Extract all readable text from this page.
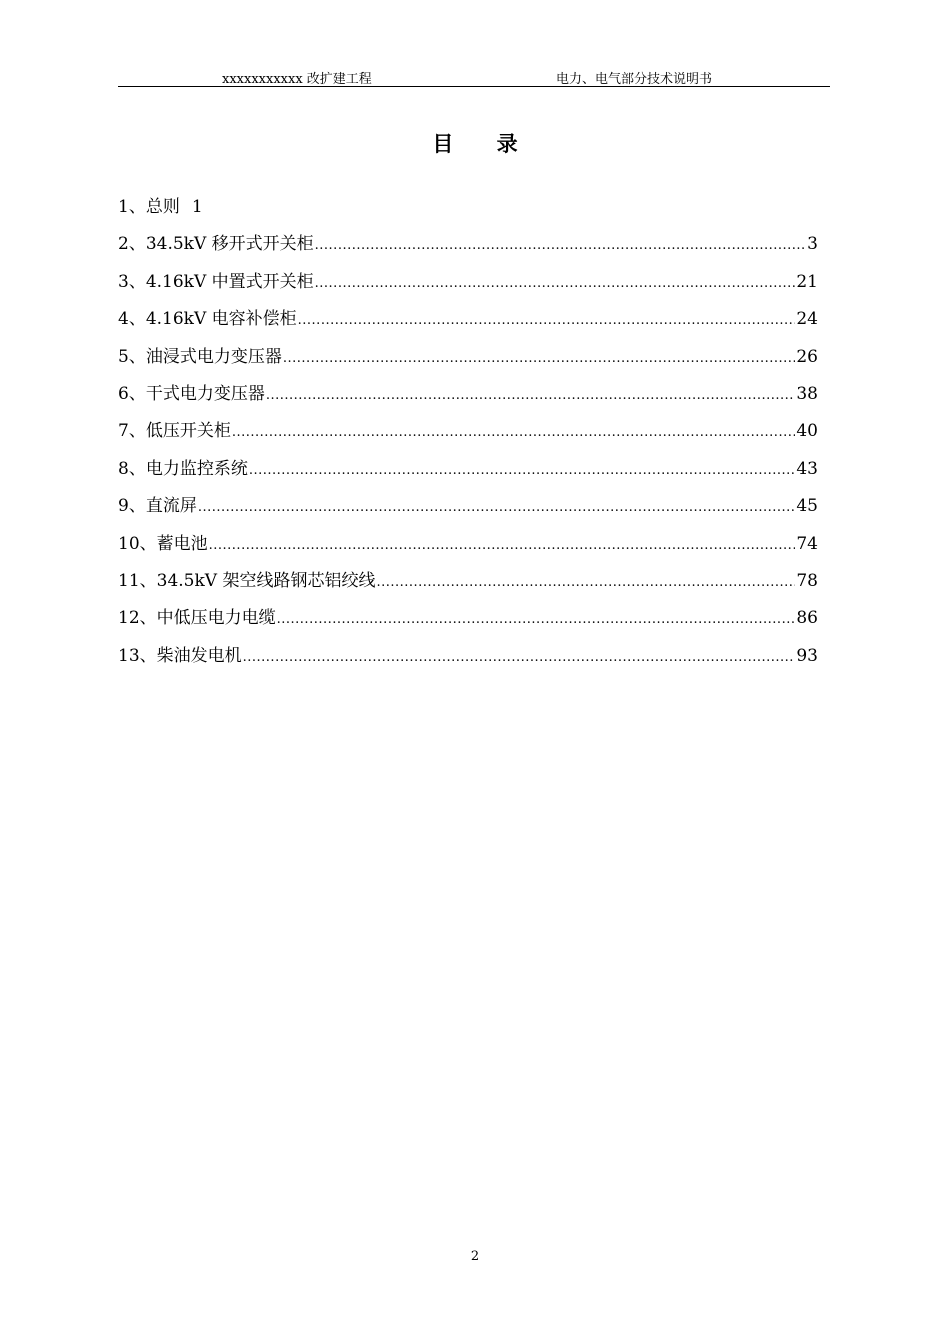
xxxxxxxxxxx 改扩建工程	电力、电气部分技术说明书
目 录
1、总则 1
2、34.5kV 移开式开关柜 .....	3
3、4.16kV 中置式开关柜 .....	21
4、4.16kV 电容补偿柜 .....	24
5、油浸式电力变压器 .....	26
6、干式电力变压器 .....	38
7、低压开关柜 .....	40
8、电力监控系统 .....	43
9、直流屏 .....	45
10、蓄电池 .....	74
11、34.5kV 架空线路钢芯铝绞线 .....	78
12、中低压电力电缆 .....	86
13、柴油发电机 .....	93
2
